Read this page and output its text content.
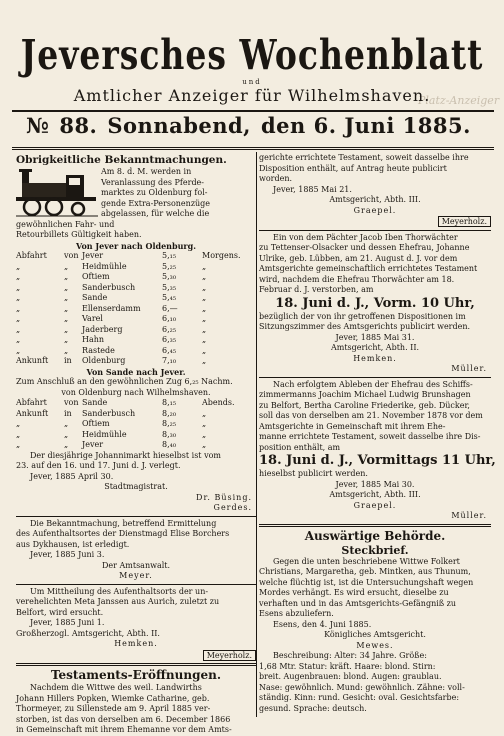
Platz-Anzeiger
Jeversches Wochenblatt
und
Amtlicher Anzeiger für Wilhelmshaven.
№ 88. Sonnabend, den 6. Juni 1885.
Obrigkeitliche Bekanntmachungen.
Am 8. d. M. werden in
Veranlassung des Pferde-
marktes zu Oldenburg fol-
gende Extra-Personenzüge
abgelassen, für welche die
gewöhnlichen Fahr- und
Retourbillets Gültigkeit haben.
Von Jever nach Oldenburg.
Abfahrt	von Jever	5,₁₅	Morgens.
„	„	Heidmühle	5,₂₅	„
„	„	Oftiem	5,₃₀	„
„	„	Sanderbusch	5,₃₅	„
„	„	Sande	5,₄₅	„
„	„	Ellenserdamm	6,—	„
„	„	Varel	6,₁₀	„
„	„	Jaderberg	6,₂₅	„
„	„	Hahn	6,₃₅	„
„	„	Rastede	6,₄₅	„
Ankunft	in	Oldenburg	7,₁₀	„
Von Sande nach Jever.
Zum Anschluß an den gewöhnlichen Zug 6,₂₅ Nachm.
von Oldenburg nach Wilhelmshaven.
Abfahrt	von Sande	8,₁₅	Abends.
Ankunft	in	Sanderbusch	8,₂₀	„
„	„	Oftiem	8,₂₅	„
„	„	Heidmühle	8,₃₀	„
„	„	Jever	8,₄₀	„
Der diesjährige Johannimarkt hieselbst ist vom
23. auf den 16. und 17. Juni d. J. verlegt.
Jever, 1885 April 30.
Stadtmagistrat.
Dr. Büsing.
Gerdes.
Die Bekanntmachung, betreffend Ermittelung
des Aufenthaltsortes der Dienstmagd Elise Borchers
aus Dykhausen, ist erledigt.
Jever, 1885 Juni 3.
Der Amtsanwalt.
Meyer.
Um Mittheilung des Aufenthaltsorts der un-
verehelichten Meta Janssen aus Aurich, zuletzt zu
Belfort, wird ersucht.
Jever, 1885 Juni 1.
Großherzogl. Amtsgericht, Abth. II.
Hemken.
Meyerholz.
Testaments-Eröffnungen.
Nachdem die Wittwe des weil. Landwirths
Johann Hillers Popken, Wiemke Catharine, geb.
Thormeyer, zu Sillenstede am 9. April 1885 ver-
storben, ist das von derselben am 6. December 1866
in Gemeinschaft mit ihrem Ehemanne vor dem Amts-
gerichte errichtete Testament, soweit dasselbe ihre
Disposition enthält, auf Antrag heute publicirt
worden.
Jever, 1885 Mai 21.
Amtsgericht, Abth. III.
Graepel.
Meyerholz.
Ein von dem Pächter Jacob Iben Thorwächter
zu Tettenser-Olsacker und dessen Ehefrau, Johanne
Ulrike, geb. Lübben, am 21. August d. J. vor dem
Amtsgerichte gemeinschaftlich errichtetes Testament
wird, nachdem die Ehefrau Thorwächter am 18.
Februar d. J. verstorben, am
18. Juni d. J., Vorm. 10 Uhr,
bezüglich der von ihr getroffenen Dispositionen im
Sitzungszimmer des Amtsgerichts publicirt werden.
Jever, 1885 Mai 31.
Amtsgericht, Abth. II.
Hemken.
Müller.
Nach erfolgtem Ableben der Ehefrau des Schiffs-
zimmermanns Joachim Michael Ludwig Brunshagen
zu Belfort, Bertha Caroline Friederike, geb. Dücker,
soll das von derselben am 21. November 1878 vor dem
Amtsgerichte in Gemeinschaft mit ihrem Ehe-
manne errichtete Testament, soweit dasselbe ihre Dis-
position enthält, am
18. Juni d. J., Vormittags 11 Uhr,
hieselbst publicirt werden.
Jever, 1885 Mai 30.
Amtsgericht, Abth. III.
Graepel.
Müller.
Auswärtige Behörde.
Steckbrief.
Gegen die unten beschriebene Wittwe Folkert
Christians, Margaretha, geb. Mintken, aus Thunum,
welche flüchtig ist, ist die Untersuchungshaft wegen
Mordes verhängt. Es wird ersucht, dieselbe zu
verhaften und in das Amtsgerichts-Gefängniß zu
Esens abzuliefern.
Esens, den 4. Juni 1885.
Königliches Amtsgericht.
Mewes.
Beschreibung: Alter: 34 Jahre. Größe:
1,68 Mtr. Statur: kräft. Haare: blond. Stirn:
breit. Augenbrauen: blond. Augen: graublau.
Nase: gewöhnlich. Mund: gewöhnlich. Zähne: voll-
ständig. Kinn: rund. Gesicht: oval. Gesichtsfarbe:
gesund. Sprache: deutsch.
